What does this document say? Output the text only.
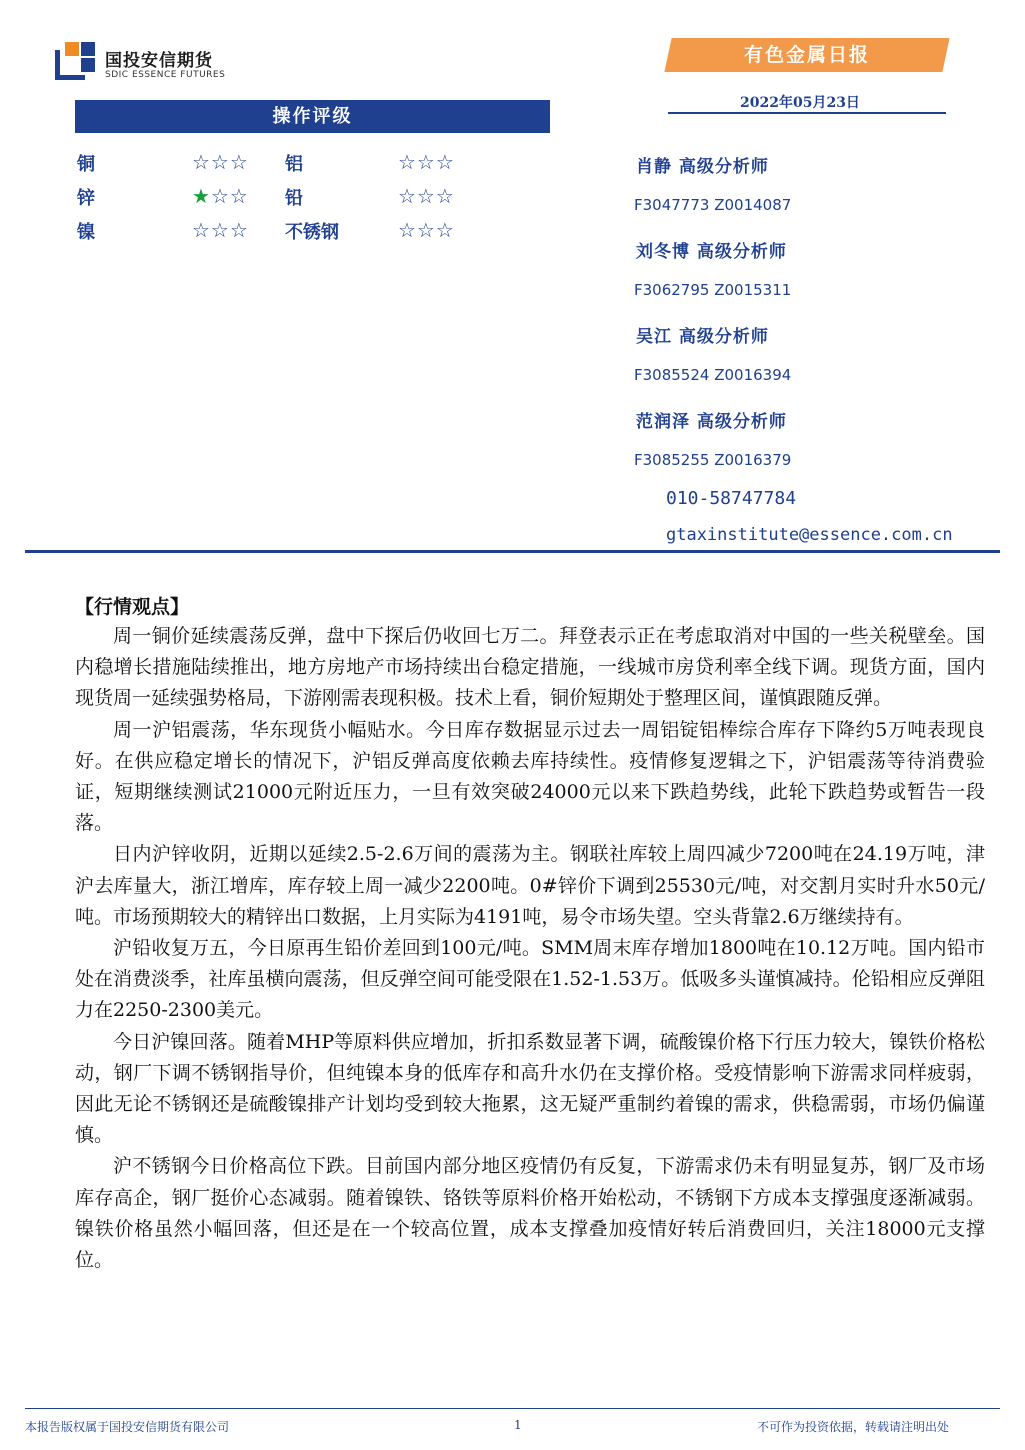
国投安信期货
SDIC ESSENCE FUTURES
有色金属日报
2022年05月23日
操作评级
铜	☆☆☆ 铝	☆☆☆
锌	★☆☆ 铅	☆☆☆
镍	☆☆☆ 不锈钢	☆☆☆
肖静 高级分析师
F3047773 Z0014087
刘冬博 高级分析师
F3062795 Z0015311
吴江 高级分析师
F3085524 Z0016394
范润泽 高级分析师
F3085255 Z0016379
010-58747784
gtaxinstitute@essence.com.cn
【行情观点】

周一铜价延续震荡反弹，盘中下探后仍收回七万二。拜登表示正在考虑取消对中国的一些关税壁垒。国内稳增长措施陆续推出，地方房地产市场持续出台稳定措施，一线城市房贷利率全线下调。现货方面，国内现货周一延续强势格局，下游刚需表现积极。技术上看，铜价短期处于整理区间，谨慎跟随反弹。

周一沪铝震荡，华东现货小幅贴水。今日库存数据显示过去一周铝锭铝棒综合库存下降约5万吨表现良好。在供应稳定增长的情况下，沪铝反弹高度依赖去库持续性。疫情修复逻辑之下，沪铝震荡等待消费验证，短期继续测试21000元附近压力，一旦有效突破24000元以来下跌趋势线，此轮下跌趋势或暂告一段落。

日内沪锌收阴，近期以延续2.5-2.6万间的震荡为主。钢联社库较上周四减少7200吨在24.19万吨，津沪去库量大，浙江增库，库存较上周一减少2200吨。0#锌价下调到25530元/吨，对交割月实时升水50元/吨。市场预期较大的精锌出口数据，上月实际为4191吨，易令市场失望。空头背靠2.6万继续持有。

沪铅收复万五，今日原再生铅价差回到100元/吨。SMM周末库存增加1800吨在10.12万吨。国内铅市处在消费淡季，社库虽横向震荡，但反弹空间可能受限在1.52-1.53万。低吸多头谨慎减持。伦铅相应反弹阻力在2250-2300美元。

今日沪镍回落。随着MHP等原料供应增加，折扣系数显著下调，硫酸镍价格下行压力较大，镍铁价格松动，钢厂下调不锈钢指导价，但纯镍本身的低库存和高升水仍在支撑价格。受疫情影响下游需求同样疲弱，因此无论不锈钢还是硫酸镍排产计划均受到较大拖累，这无疑严重制约着镍的需求，供稳需弱，市场仍偏谨慎。

沪不锈钢今日价格高位下跌。目前国内部分地区疫情仍有反复，下游需求仍未有明显复苏，钢厂及市场库存高企，钢厂挺价心态减弱。随着镍铁、铬铁等原料价格开始松动，不锈钢下方成本支撑强度逐渐减弱。镍铁价格虽然小幅回落，但还是在一个较高位置，成本支撑叠加疫情好转后消费回归，关注18000元支撑位。

本报告版权属于国投安信期货有限公司	1	不可作为投资依据，转载请注明出处
